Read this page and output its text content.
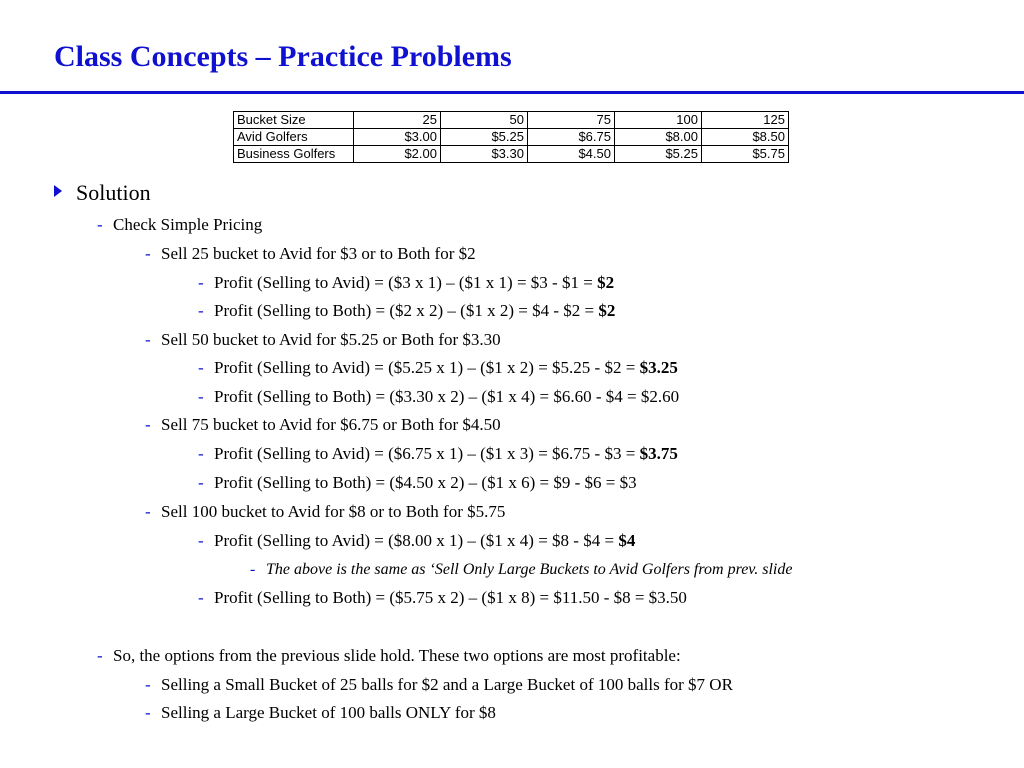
Class Concepts – Practice Problems
Bucket Size	25	50	75	100	125
Avid Golfers	$3.00	$5.25	$6.75	$8.00	$8.50
Business Golfers	$2.00	$3.30	$4.50	$5.25	$5.75
Solution
- Check Simple Pricing
- Sell 25 bucket to Avid for $3 or to Both for $2
- Profit (Selling to Avid) = ($3 x 1) – ($1 x 1) = $3 - $1 = $2
- Profit (Selling to Both) = ($2 x 2) – ($1 x 2) = $4 - $2 = $2
- Sell 50 bucket to Avid for $5.25 or Both for $3.30
- Profit (Selling to Avid) = ($5.25 x 1) – ($1 x 2) = $5.25 - $2 = $3.25
- Profit (Selling to Both) = ($3.30 x 2) – ($1 x 4) = $6.60 - $4 = $2.60
- Sell 75 bucket to Avid for $6.75 or Both for $4.50
- Profit (Selling to Avid) = ($6.75 x 1) – ($1 x 3) = $6.75 - $3 = $3.75
- Profit (Selling to Both) = ($4.50 x 2) – ($1 x 6) = $9 - $6 = $3
- Sell 100 bucket to Avid for $8 or to Both for $5.75
- Profit (Selling to Avid) = ($8.00 x 1) – ($1 x 4) = $8 - $4 = $4
- The above is the same as ‘Sell Only Large Buckets to Avid Golfers from prev. slide
- Profit (Selling to Both) = ($5.75 x 2) – ($1 x 8) = $11.50 - $8 = $3.50
- So, the options from the previous slide hold. These two options are most profitable:
- Selling a Small Bucket of 25 balls for $2 and a Large Bucket of 100 balls for $7 OR
- Selling a Large Bucket of 100 balls ONLY for $8
